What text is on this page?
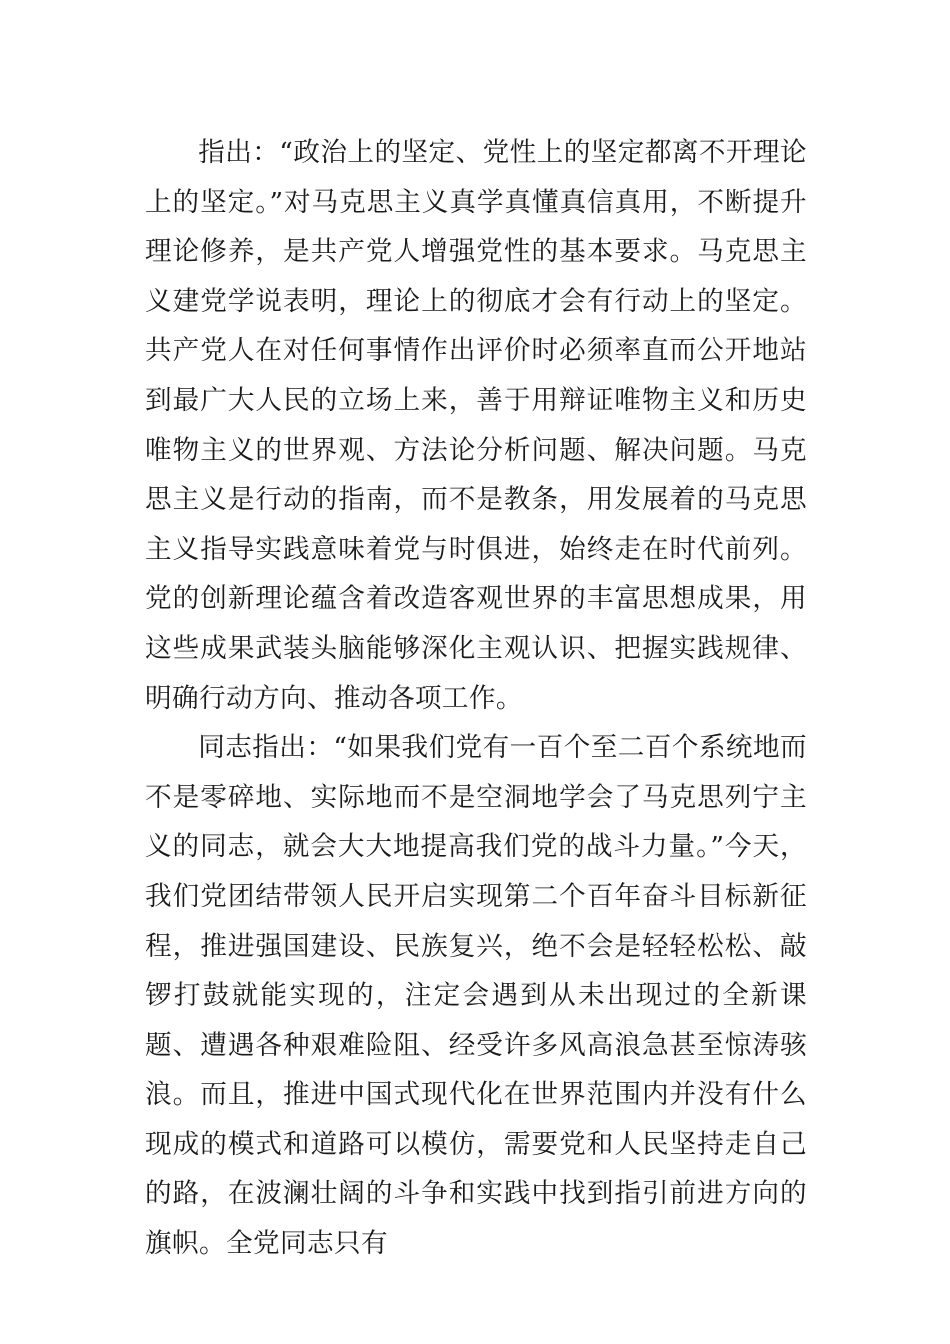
指出：“政治上的坚定、党性上的坚定都离不开理论上的坚定。”对马克思主义真学真懂真信真用，不断提升理论修养，是共产党人增强党性的基本要求。马克思主义建党学说表明，理论上的彻底才会有行动上的坚定。共产党人在对任何事情作出评价时必须率直而公开地站到最广大人民的立场上来，善于用辩证唯物主义和历史唯物主义的世界观、方法论分析问题、解决问题。马克思主义是行动的指南，而不是教条，用发展着的马克思主义指导实践意味着党与时俱进，始终走在时代前列。党的创新理论蕴含着改造客观世界的丰富思想成果，用这些成果武装头脑能够深化主观认识、把握实践规律、明确行动方向、推动各项工作。

同志指出：“如果我们党有一百个至二百个系统地而不是零碎地、实际地而不是空洞地学会了马克思列宁主义的同志，就会大大地提高我们党的战斗力量。”今天，我们党团结带领人民开启实现第二个百年奋斗目标新征程，推进强国建设、民族复兴，绝不会是轻轻松松、敲锣打鼓就能实现的，注定会遇到从未出现过的全新课题、遭遇各种艰难险阻、经受许多风高浪急甚至惊涛骇浪。而且，推进中国式现代化在世界范围内并没有什么现成的模式和道路可以模仿，需要党和人民坚持走自己的路，在波澜壮阔的斗争和实践中找到指引前进方向的旗帜。全党同志只有
